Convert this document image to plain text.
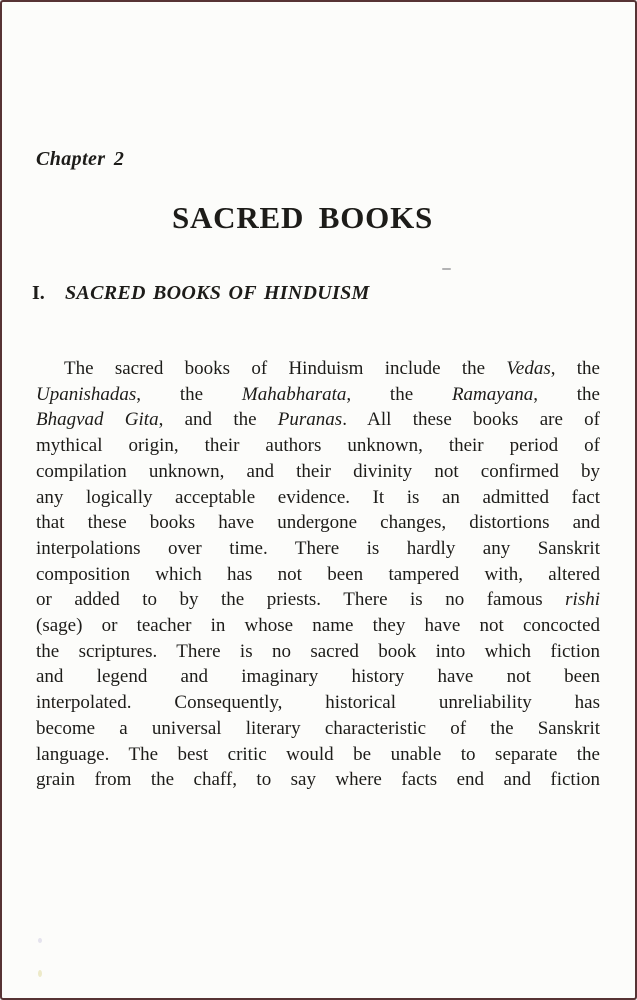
Chapter 2
SACRED BOOKS
I.	SACRED BOOKS OF HINDUISM
The sacred books of Hinduism include the Vedas, the
Upanishadas, the Mahabharata, the Ramayana, the
Bhagvad Gita, and the Puranas. All these books are of
mythical origin, their authors unknown, their period of
compilation unknown, and their divinity not confirmed by
any logically acceptable evidence. It is an admitted fact
that these books have undergone changes, distortions and
interpolations over time. There is hardly any Sanskrit
composition which has not been tampered with, altered
or added to by the priests. There is no famous rishi
(sage) or teacher in whose name they have not concocted
the scriptures. There is no sacred book into which fiction
and legend and imaginary history have not been
interpolated. Consequently, historical unreliability has
become a universal literary characteristic of the Sanskrit
language. The best critic would be unable to separate the
grain from the chaff, to say where facts end and fiction
